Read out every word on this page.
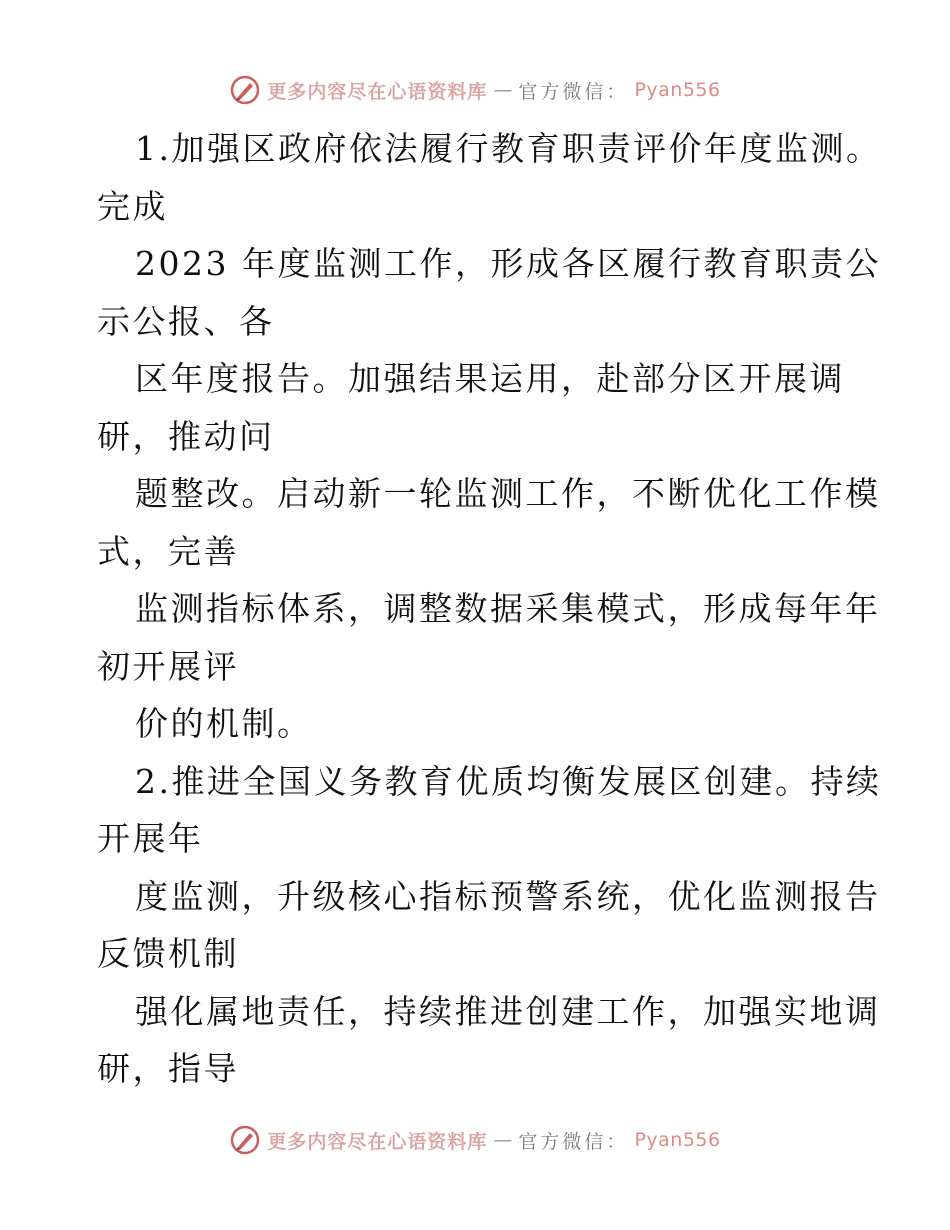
更多内容尽在心语资料库 — 官方微信： Pyan556
1.加强区政府依法履行教育职责评价年度监测。
完成
2023 年度监测工作，形成各区履行教育职责公
示公报、各
区年度报告。加强结果运用，赴部分区开展调
研，推动问
题整改。启动新一轮监测工作，不断优化工作模
式，完善
监测指标体系，调整数据采集模式，形成每年年
初开展评
价的机制。
2.推进全国义务教育优质均衡发展区创建。持续
开展年
度监测，升级核心指标预警系统，优化监测报告
反馈机制
强化属地责任，持续推进创建工作，加强实地调
研，指导
更多内容尽在心语资料库 — 官方微信： Pyan556
